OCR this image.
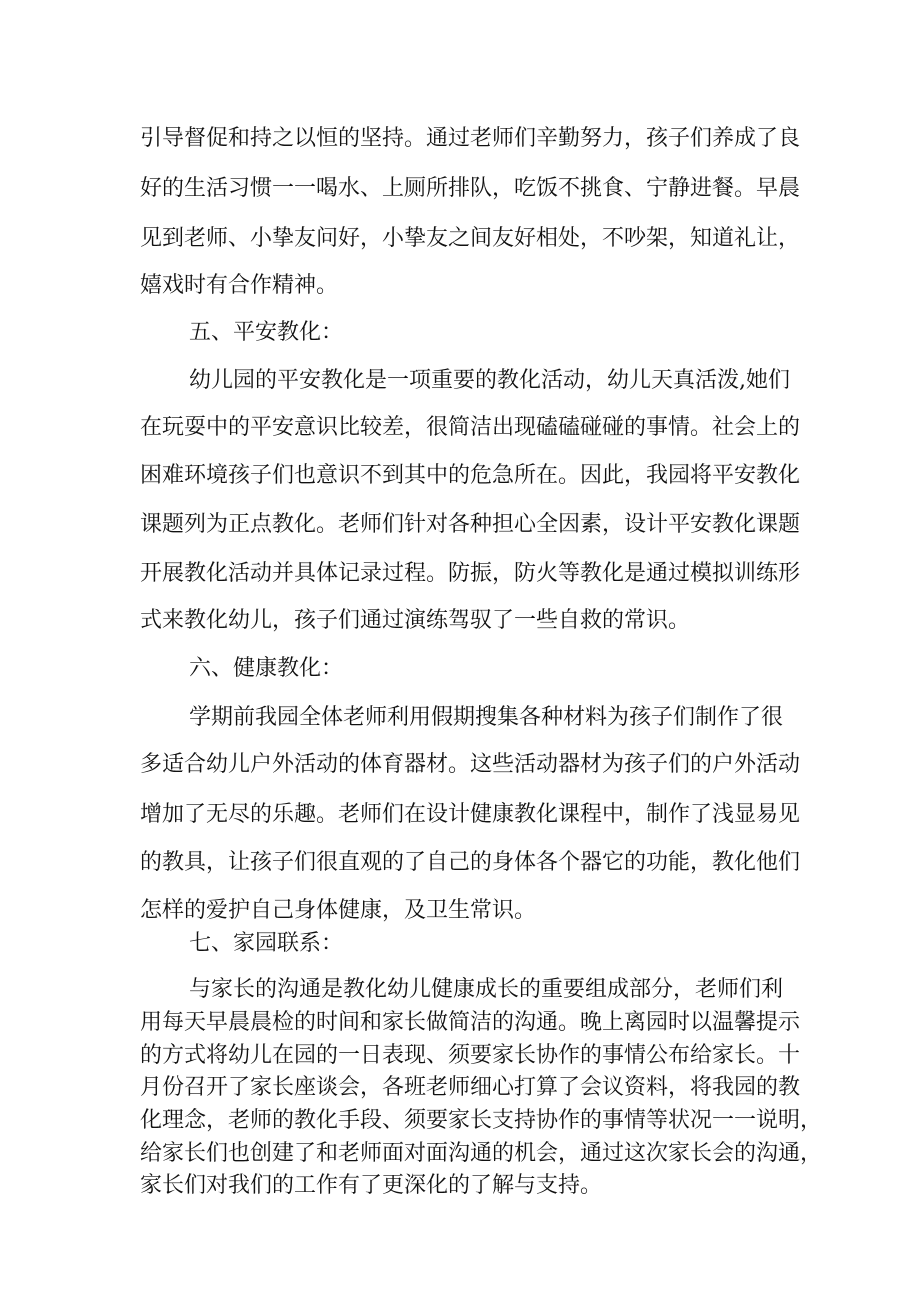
引导督促和持之以恒的坚持。通过老师们辛勤努力，孩子们养成了良
好的生活习惯一一喝水、上厕所排队，吃饭不挑食、宁静进餐。早晨
见到老师、小挚友问好，小挚友之间友好相处，不吵架，知道礼让，
嬉戏时有合作精神。
五、平安教化：
幼儿园的平安教化是一项重要的教化活动，幼儿天真活泼,她们
在玩耍中的平安意识比较差，很简洁出现磕磕碰碰的事情。社会上的
困难环境孩子们也意识不到其中的危急所在。因此，我园将平安教化
课题列为正点教化。老师们针对各种担心全因素，设计平安教化课题
开展教化活动并具体记录过程。防振，防火等教化是通过模拟训练形
式来教化幼儿，孩子们通过演练驾驭了一些自救的常识。
六、健康教化：
学期前我园全体老师利用假期搜集各种材料为孩子们制作了很
多适合幼儿户外活动的体育器材。这些活动器材为孩子们的户外活动
增加了无尽的乐趣。老师们在设计健康教化课程中，制作了浅显易见
的教具，让孩子们很直观的了自己的身体各个器它的功能，教化他们
怎样的爱护自己身体健康，及卫生常识。
七、家园联系：
与家长的沟通是教化幼儿健康成长的重要组成部分，老师们利
用每天早晨晨检的时间和家长做简洁的沟通。晚上离园时以温馨提示
的方式将幼儿在园的一日表现、须要家长协作的事情公布给家长。十
月份召开了家长座谈会，各班老师细心打算了会议资料，将我园的教
化理念，老师的教化手段、须要家长支持协作的事情等状况一一说明，
给家长们也创建了和老师面对面沟通的机会，通过这次家长会的沟通，
家长们对我们的工作有了更深化的了解与支持。
